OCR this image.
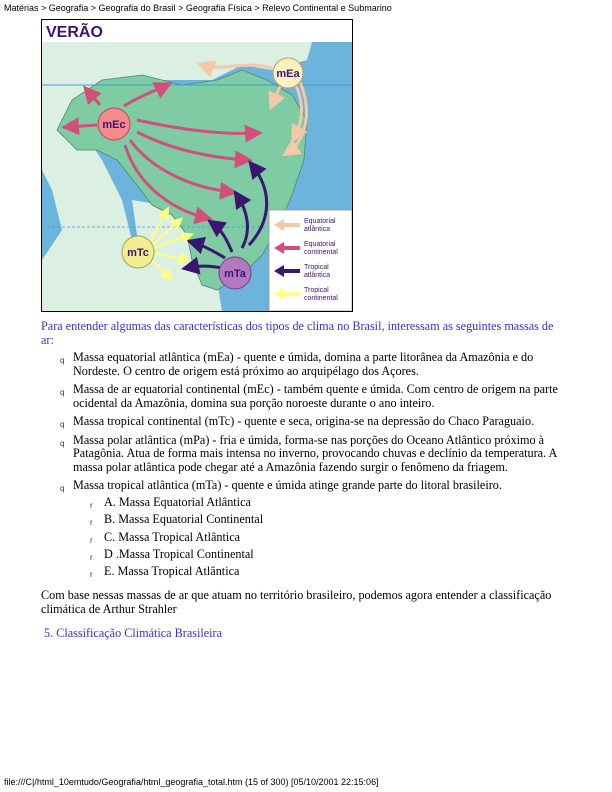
Matérias > Geografia > Geografia do Brasil > Geografia Física > Relevo Continental e Submarino
VERÃO
mEa
mEc
mTc
mTa
Equatorial
atlântica
Equatorial
continental
Tropical
atlântica
Tropical
continental
Para entender algumas das características dos tipos de clima no Brasil, interessam as seguintes massas de ar:
q Massa equatorial atlântica (mEa) - quente e úmida, domina a parte litorânea da Amazônia e do Nordeste. O centro de origem está próximo ao arquipélago dos Açores.
q Massa de ar equatorial continental (mEc) - também quente e úmida. Com centro de origem na parte ocidental da Amazônia, domina sua porção noroeste durante o ano inteiro.
q Massa tropical continental (mTc) - quente e seca, origina-se na depressão do Chaco Paraguaio.
q Massa polar atlântica (mPa) - fria e úmida, forma-se nas porções do Oceano Atlântico próximo à Patagônia. Atua de forma mais intensa no inverno, provocando chuvas e declínio da temperatura. A massa polar atlântica pode chegar até a Amazônia fazendo surgir o fenômeno da friagem.
q Massa tropical atlântica (mTa) - quente e úmida atinge grande parte do litoral brasileiro.
r A. Massa Equatorial Atlântica
r B. Massa Equatorial Continental
r C. Massa Tropical Atlântica
r D .Massa Tropical Continental
r E. Massa Tropical Atlântica
Com base nessas massas de ar que atuam no território brasileiro, podemos agora entender a classificação climática de Arthur Strahler
5. Classificação Climática Brasileira
file:///C|/html_10emtudo/Geografia/html_geografia_total.htm (15 of 300) [05/10/2001 22:15:06]
